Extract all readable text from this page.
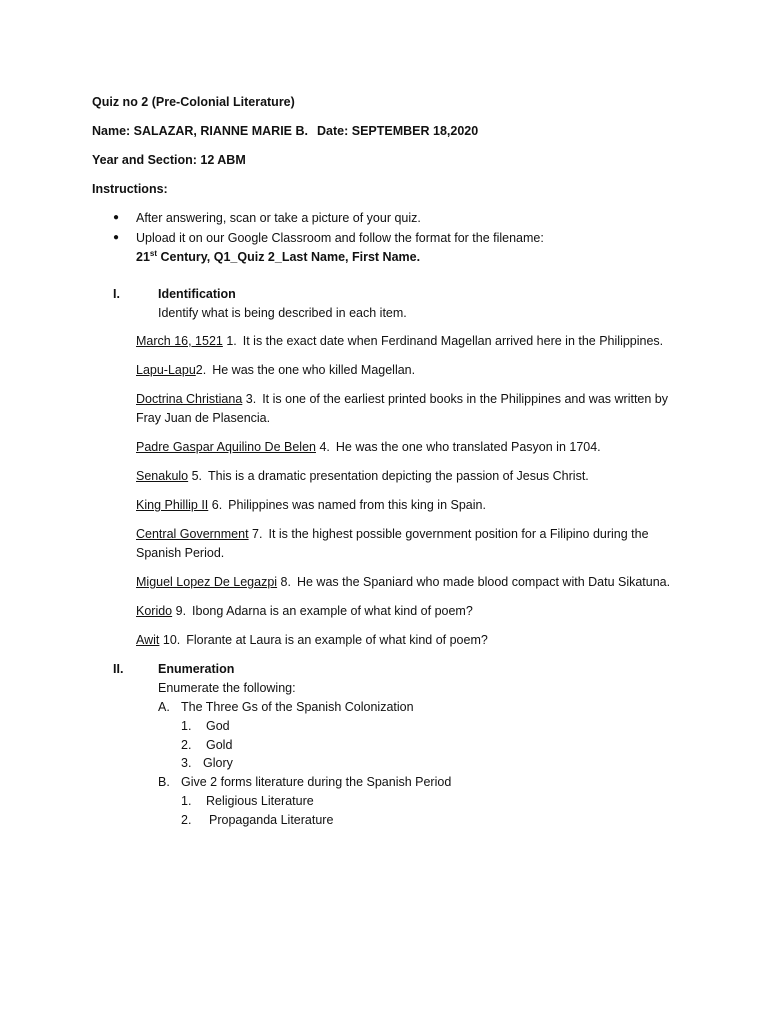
Quiz no 2 (Pre-Colonial Literature)
Name: SALAZAR, RIANNE MARIE B. Date: SEPTEMBER 18,2020
Year and Section: 12 ABM
Instructions:
● After answering, scan or take a picture of your quiz.
● Upload it on our Google Classroom and follow the format for the filename:
21st Century, Q1_Quiz 2_Last Name, First Name.
I.	Identification
Identify what is being described in each item.
March 16, 1521 1. It is the exact date when Ferdinand Magellan arrived here in the Philippines.
Lapu-Lapu2. He was the one who killed Magellan.
Doctrina Christiana 3. It is one of the earliest printed books in the Philippines and was written by
Fray Juan de Plasencia.
Padre Gaspar Aquilino De Belen 4. He was the one who translated Pasyon in 1704.
Senakulo 5. This is a dramatic presentation depicting the passion of Jesus Christ.
King Phillip II 6. Philippines was named from this king in Spain.
Central Government 7. It is the highest possible government position for a Filipino during the
Spanish Period.
Miguel Lopez De Legazpi 8. He was the Spaniard who made blood compact with Datu Sikatuna.
Korido 9. Ibong Adarna is an example of what kind of poem?
Awit 10. Florante at Laura is an example of what kind of poem?
II.	Enumeration
Enumerate the following:
A. The Three Gs of the Spanish Colonization
1. God
2. Gold
3. Glory
B. Give 2 forms literature during the Spanish Period
1. Religious Literature
2. Propaganda Literature
